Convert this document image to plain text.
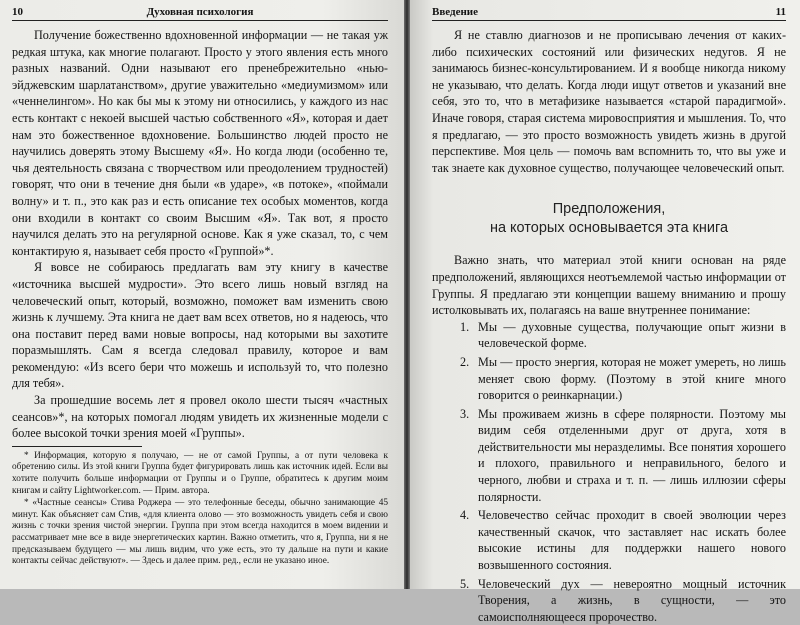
10	Духовная психология

Получение божественно вдохновенной информации — не такая уж редкая штука, как многие полагают. Просто у этого явления есть много разных названий. Одни называют его пренебрежительно «нью-эйджевским шарлатанством», другие уважительно «медиумизмом» или «ченнелингом». Но как бы мы к этому ни относились, у каждого из нас есть контакт с некоей высшей частью собственного «Я», которая и дает нам это божественное вдохновение. Большинство людей просто не научились доверять этому Высшему «Я». Но когда люди (особенно те, чья деятельность связана с творчеством или преодолением трудностей) говорят, что они в течение дня были «в ударе», «в потоке», «поймали волну» и т. п., это как раз и есть описание тех особых моментов, когда они входили в контакт со своим Высшим «Я». Так вот, я просто научился делать это на регулярной основе. Как я уже сказал, то, с чем контактирую я, называет себя просто «Группой»*.

Я вовсе не собираюсь предлагать вам эту книгу в качестве «источника высшей мудрости». Это всего лишь новый взгляд на человеческий опыт, который, возможно, поможет вам изменить свою жизнь к лучшему. Эта книга не дает вам всех ответов, но я надеюсь, что она поставит перед вами новые вопросы, над которыми вы захотите поразмышлять. Сам я всегда следовал правилу, которое и вам рекомендую: «Из всего бери что можешь и используй то, что полезно для тебя».

За прошедшие восемь лет я провел около шести тысяч «частных сеансов»*, на которых помогал людям увидеть их жизненные модели с более высокой точки зрения моей «Группы».

* Информация, которую я получаю, — не от самой Группы, а от пути человека к обретению силы. Из этой книги Группа будет фигурировать лишь как источник идей. Если вы хотите получить больше информации от Группы и о Группе, обратитесь к другим моим книгам и сайту Lightworker.com. — Прим. автора.

* «Частные сеансы» Стива Роджера — это телефонные беседы, обычно занимающие 45 минут. Как объясняет сам Стив, «для клиента олово — это возможность увидеть себя и свою жизнь с точки зрения чистой энергии. Группа при этом всегда находится в моем видении и рассматривает мне все в виде энергетических картин. Важно отметить, что я, Группа, ни я не предсказываем будущего — мы лишь видим, что уже есть, это ту дальше на пути и какие контакты сейчас действуют». — Здесь и далее прим. ред., если не указано иное.

Введение	11

Я не ставлю диагнозов и не прописываю лечения от каких-либо психических состояний или физических недугов. Я не занимаюсь бизнес-консультированием. И я вообще никогда никому не указываю, что делать. Когда люди ищут ответов и указаний вне себя, это то, что в метафизике называется «старой парадигмой». Иначе говоря, старая система мировосприятия и мышления. То, что я предлагаю, — это просто возможность увидеть жизнь в другой перспективе. Моя цель — помочь вам вспомнить то, что вы уже и так знаете как духовное существо, получающее человеческий опыт.

Предположения,
на которых основывается эта книга

Важно знать, что материал этой книги основан на ряде предположений, являющихся неотъемлемой частью информации от Группы. Я предлагаю эти концепции вашему вниманию и прошу истолковывать их, полагаясь на ваше внутреннее понимание:

1. Мы — духовные существа, получающие опыт жизни в человеческой форме.
2. Мы — просто энергия, которая не может умереть, но лишь меняет свою форму. (Поэтому в этой книге много говорится о реинкарнации.)
3. Мы проживаем жизнь в сфере полярности. Поэтому мы видим себя отделенными друг от друга, хотя в действительности мы неразделимы. Все понятия хорошего и плохого, правильного и неправильного, белого и черного, любви и страха и т. п. — лишь иллюзии сферы полярности.
4. Человечество сейчас проходит в своей эволюции через качественный скачок, что заставляет нас искать более высокие истины для поддержки нашего нового возвышенного состояния.
5. Человеческий дух — невероятно мощный источник Творения, а жизнь, в сущности, — это самоисполняющееся пророчество.
